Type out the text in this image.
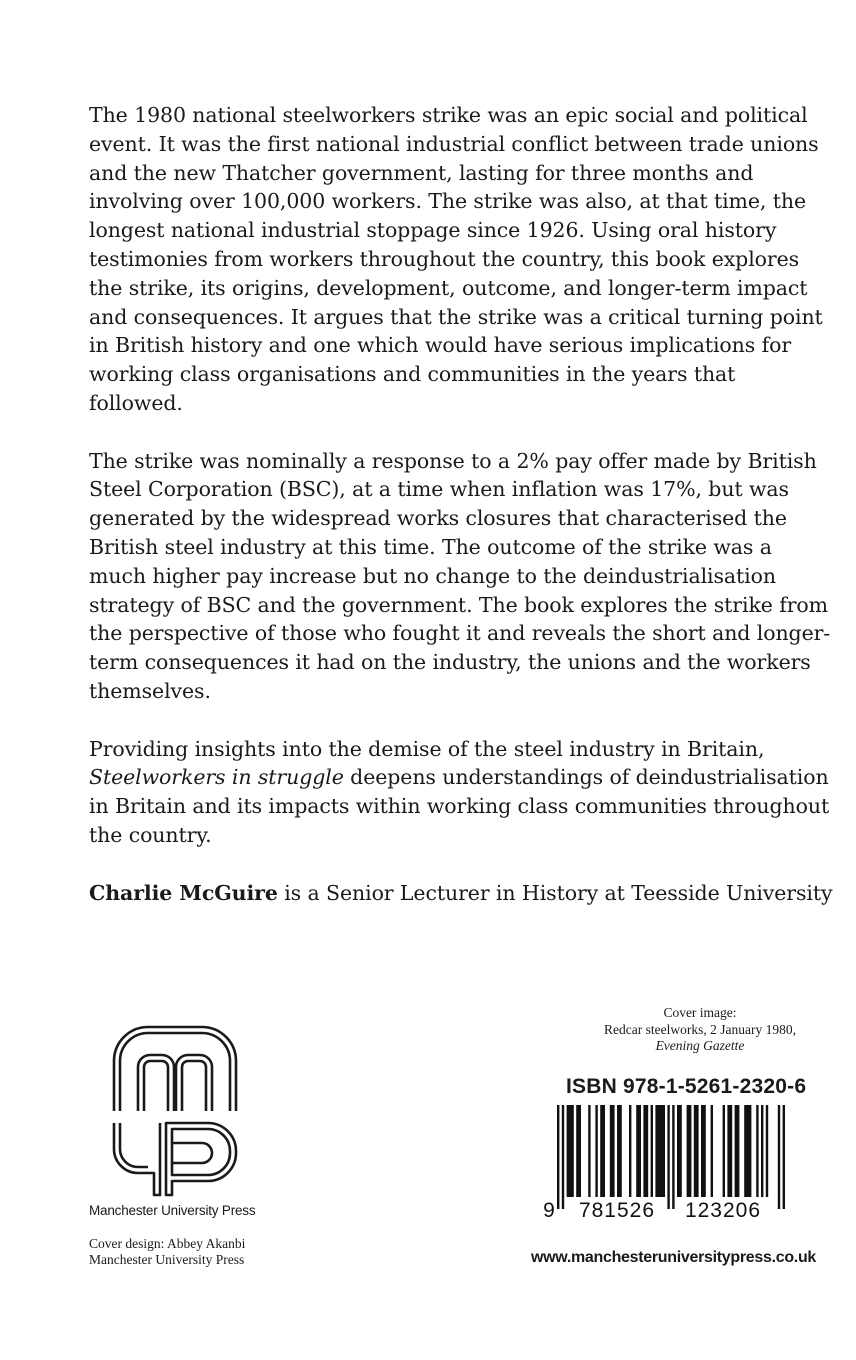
The 1980 national steelworkers strike was an epic social and political event. It was the first national industrial conflict between trade unions and the new Thatcher government, lasting for three months and involving over 100,000 workers. The strike was also, at that time, the longest national industrial stoppage since 1926. Using oral history testimonies from workers throughout the country, this book explores the strike, its origins, development, outcome, and longer-term impact and consequences. It argues that the strike was a critical turning point in British history and one which would have serious implications for working class organisations and communities in the years that followed.

The strike was nominally a response to a 2% pay offer made by British Steel Corporation (BSC), at a time when inflation was 17%, but was generated by the widespread works closures that characterised the British steel industry at this time. The outcome of the strike was a much higher pay increase but no change to the deindustrialisation strategy of BSC and the government. The book explores the strike from the perspective of those who fought it and reveals the short and longer-term consequences it had on the industry, the unions and the workers themselves.

Providing insights into the demise of the steel industry in Britain, Steelworkers in struggle deepens understandings of deindustrialisation in Britain and its impacts within working class communities throughout the country.

Charlie McGuire is a Senior Lecturer in History at Teesside University

Manchester University Press
Cover design: Abbey Akanbi
Manchester University Press
Cover image:
Redcar steelworks, 2 January 1980,
Evening Gazette
ISBN 978-1-5261-2320-6
9 781526 123206
www.manchesteruniversitypress.co.uk
